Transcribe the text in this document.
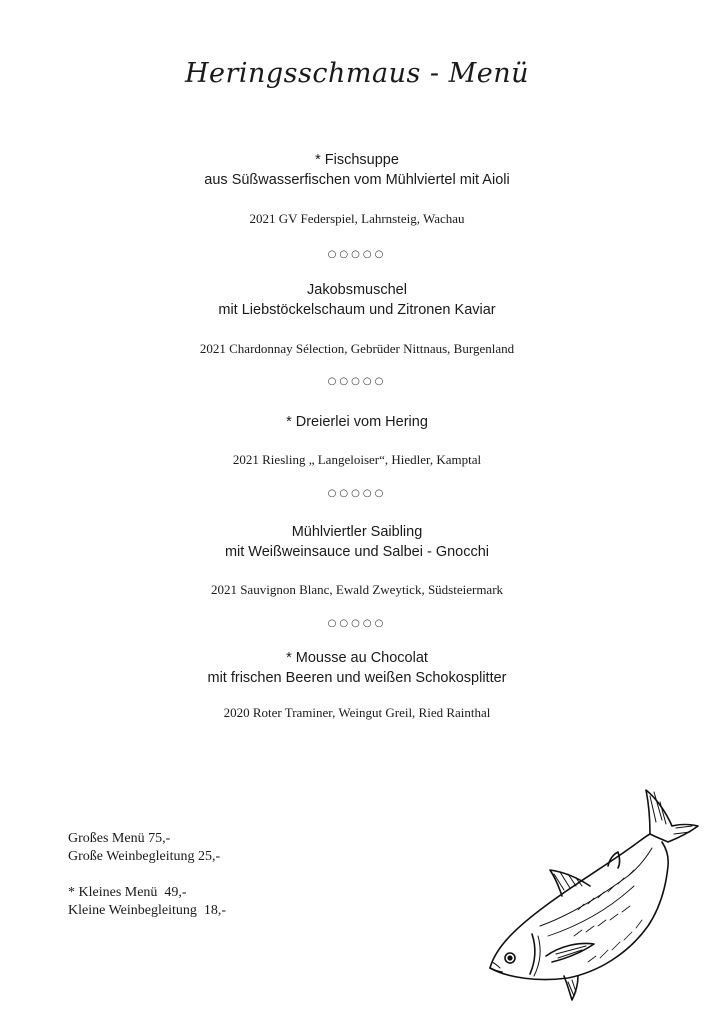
Heringsschmaus - Menü
* Fischsuppe
aus Süßwasserfischen vom Mühlviertel mit Aioli
2021 GV Federspiel, Lahrnsteig, Wachau
○○○○○
Jakobsmuschel
mit Liebstöckelschaum und Zitronen Kaviar
2021 Chardonnay Sélection, Gebrüder Nittnaus, Burgenland
○○○○○
* Dreierlei vom Hering
2021 Riesling „ Langeloiser“, Hiedler, Kamptal
○○○○○
Mühlviertler Saibling
mit Weißweinsauce und Salbei - Gnocchi
2021 Sauvignon Blanc, Ewald Zweytick, Südsteiermark
○○○○○
* Mousse au Chocolat
mit frischen Beeren und weißen Schokosplitter
2020 Roter Traminer, Weingut Greil, Ried Rainthal
Großes Menü 75,-
Große Weinbegleitung 25,-
* Kleines Menü  49,-
Kleine Weinbegleitung  18,-
